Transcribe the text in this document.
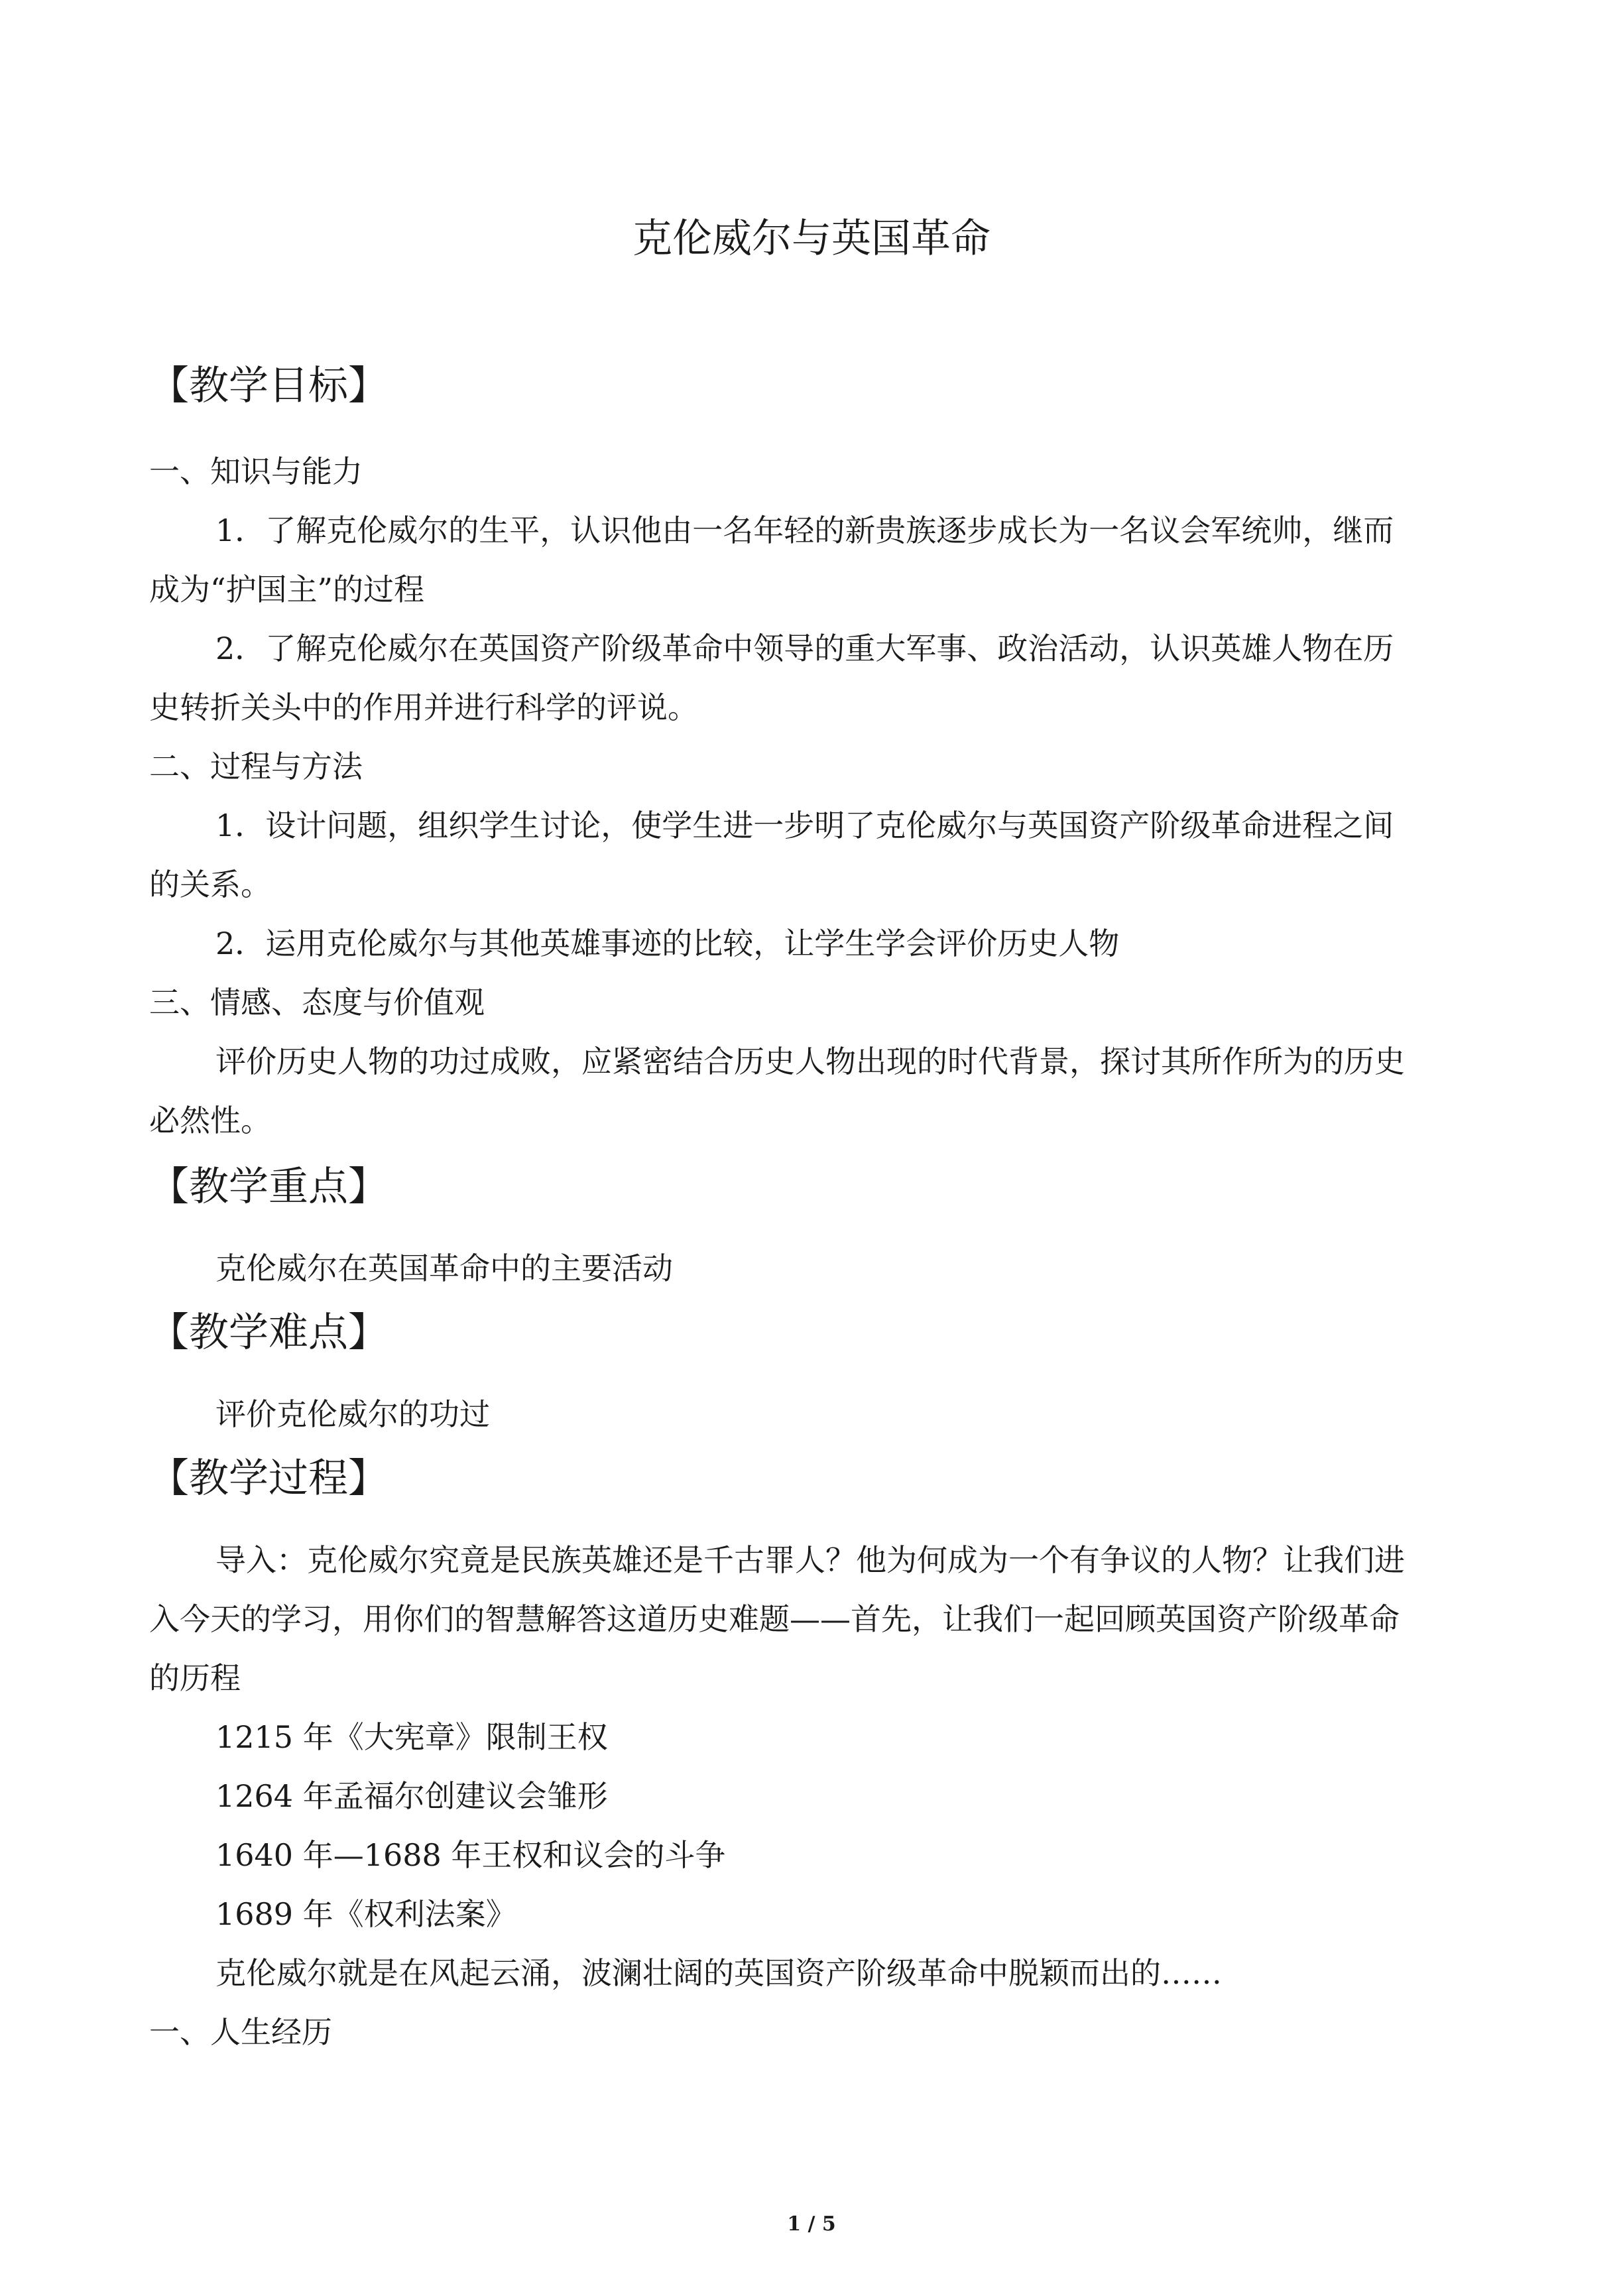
克伦威尔与英国革命
【教学目标】
一、知识与能力
1．了解克伦威尔的生平，认识他由一名年轻的新贵族逐步成长为一名议会军统帅，继而
成为“护国主”的过程
2．了解克伦威尔在英国资产阶级革命中领导的重大军事、政治活动，认识英雄人物在历
史转折关头中的作用并进行科学的评说。
二、过程与方法
1．设计问题，组织学生讨论，使学生进一步明了克伦威尔与英国资产阶级革命进程之间
的关系。
2．运用克伦威尔与其他英雄事迹的比较，让学生学会评价历史人物
三、情感、态度与价值观
评价历史人物的功过成败，应紧密结合历史人物出现的时代背景，探讨其所作所为的历史
必然性。
【教学重点】
克伦威尔在英国革命中的主要活动
【教学难点】
评价克伦威尔的功过
【教学过程】
导入：克伦威尔究竟是民族英雄还是千古罪人？他为何成为一个有争议的人物？让我们进
入今天的学习，用你们的智慧解答这道历史难题——首先，让我们一起回顾英国资产阶级革命
的历程
1215 年《大宪章》限制王权
1264 年孟福尔创建议会雏形
1640 年—1688 年王权和议会的斗争
1689 年《权利法案》
克伦威尔就是在风起云涌，波澜壮阔的英国资产阶级革命中脱颖而出的……
一、人生经历
1 / 5
